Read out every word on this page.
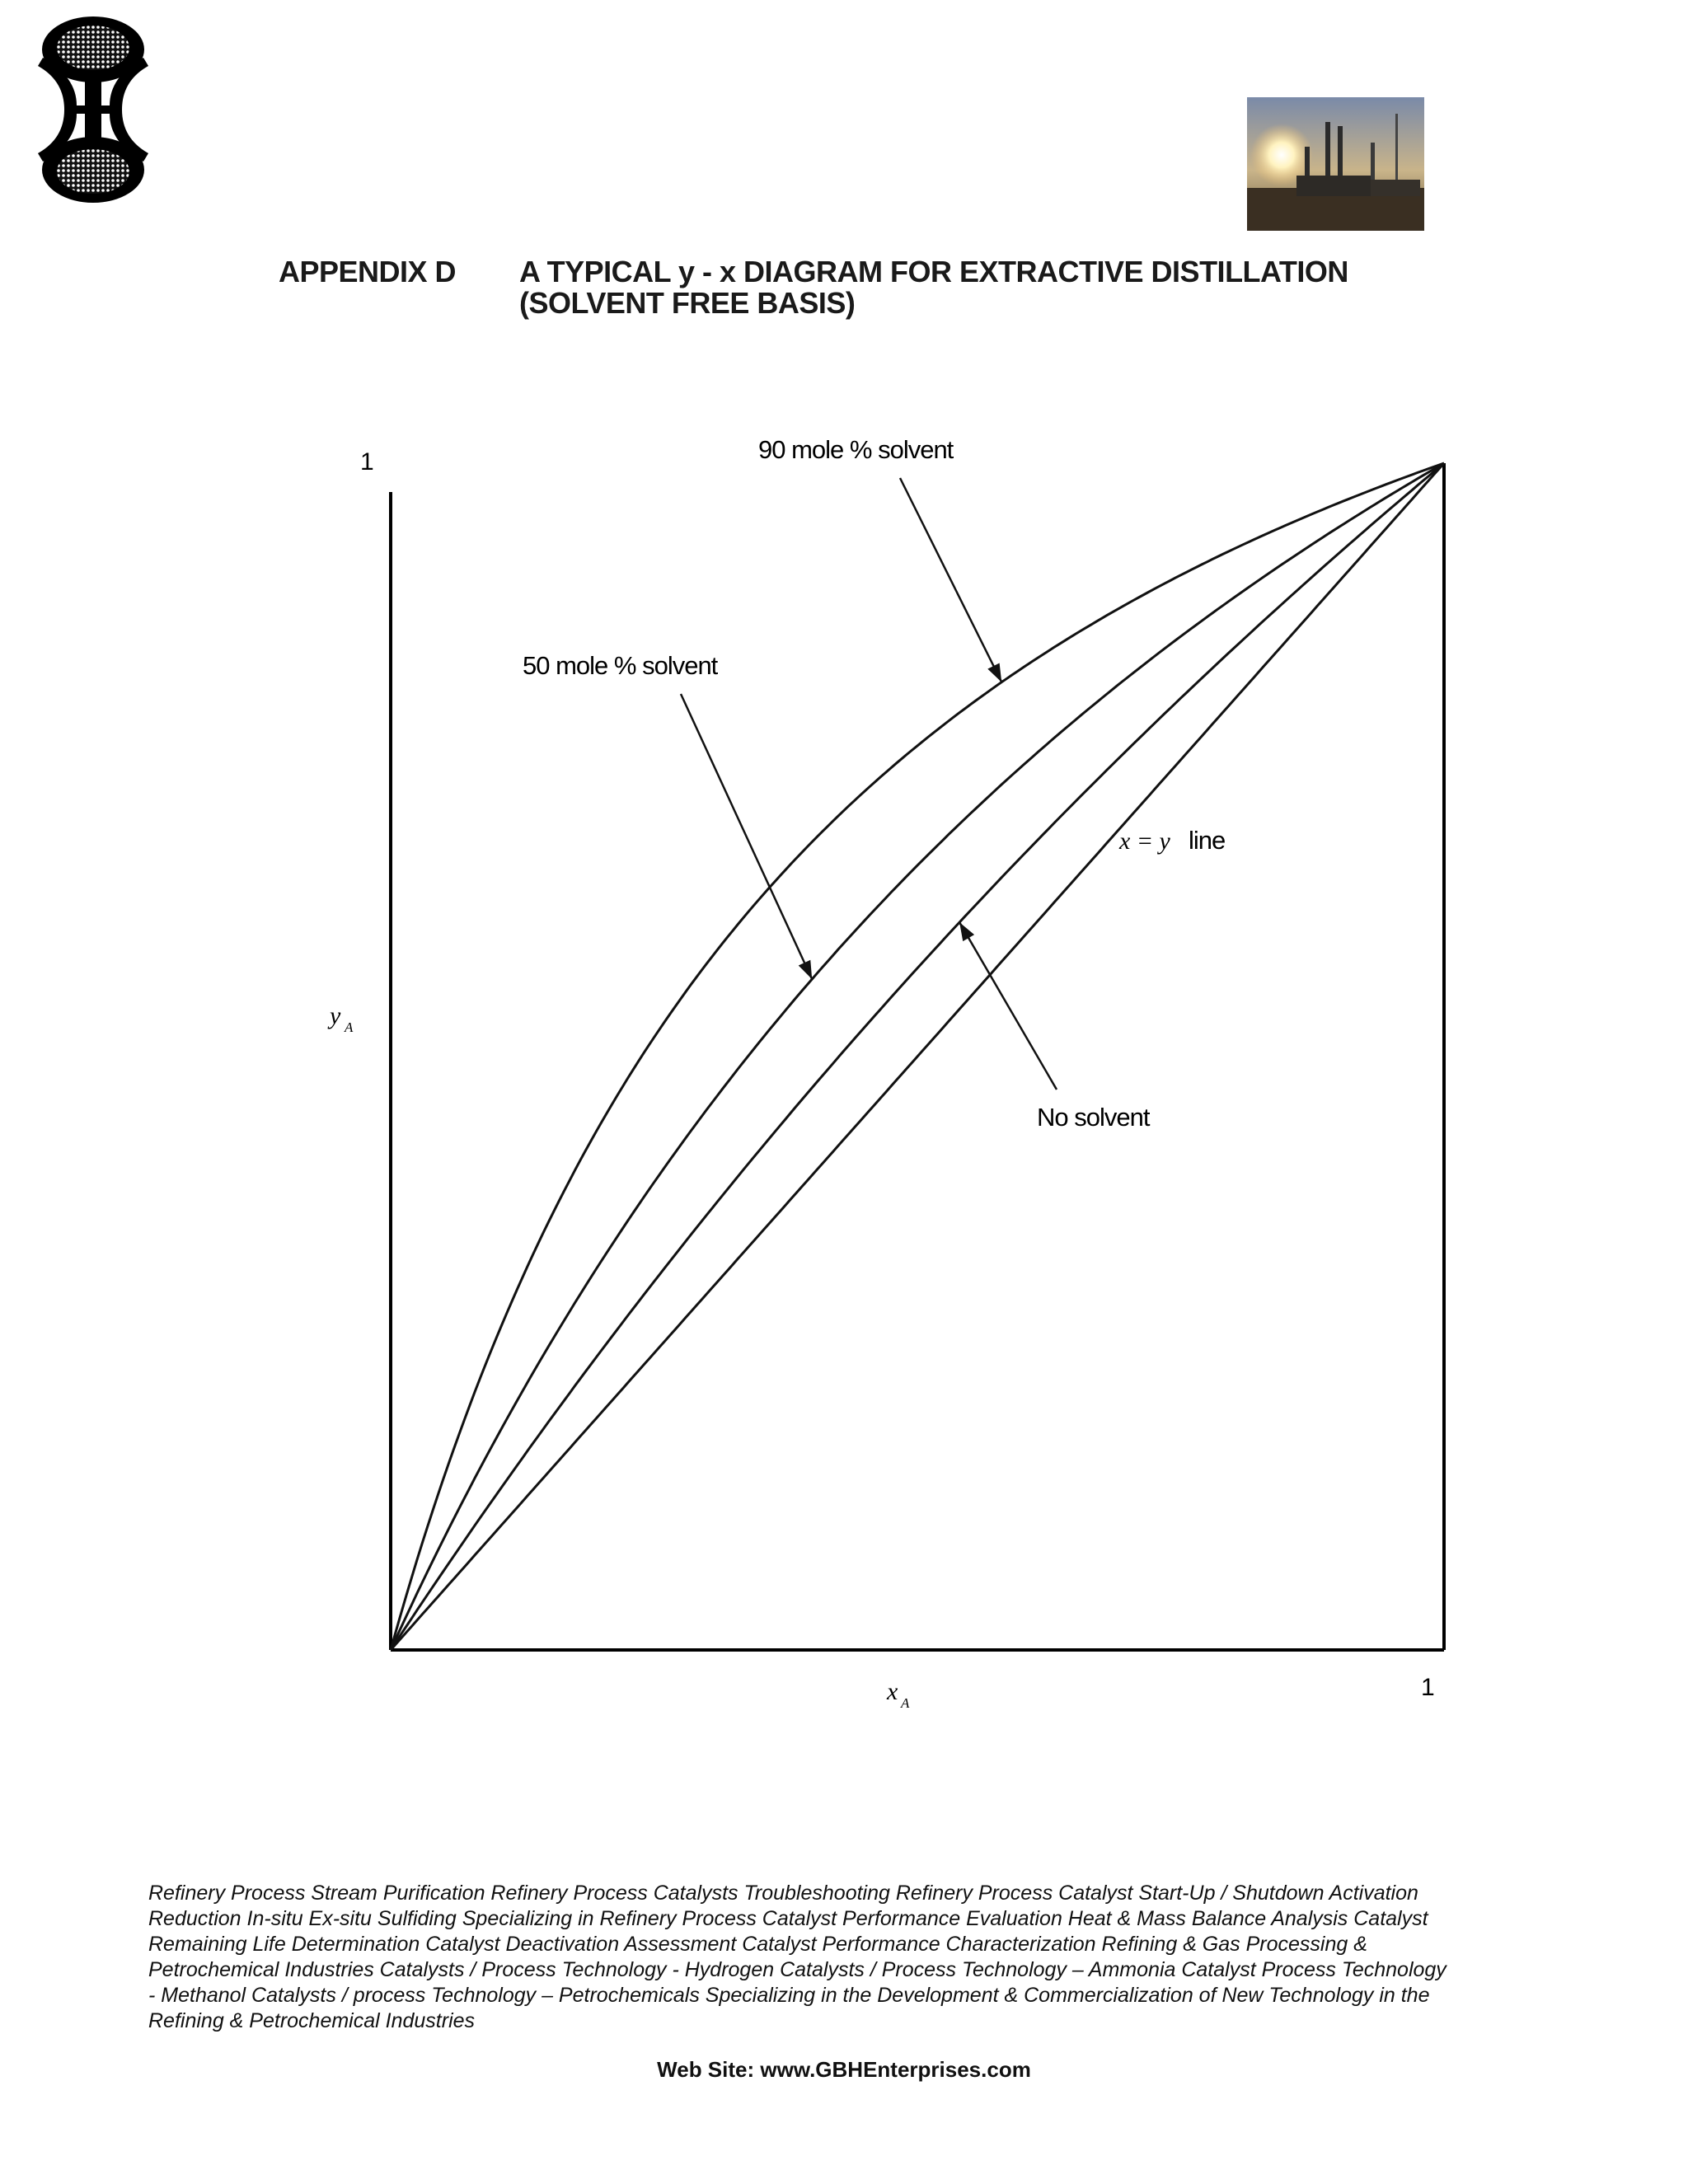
APPENDIX D A TYPICAL y - x DIAGRAM FOR EXTRACTIVE DISTILLATION
(SOLVENT FREE BASIS)
1
1
y A
x A
90 mole % solvent
50 mole % solvent
No solvent
x = y line
Refinery Process Stream Purification Refinery Process Catalysts Troubleshooting Refinery Process Catalyst Start-Up / Shutdown Activation Reduction In-situ Ex-situ Sulfiding Specializing in Refinery Process Catalyst Performance Evaluation Heat & Mass Balance Analysis Catalyst Remaining Life Determination Catalyst Deactivation Assessment Catalyst Performance Characterization Refining & Gas Processing & Petrochemical Industries Catalysts / Process Technology - Hydrogen Catalysts / Process Technology – Ammonia Catalyst Process Technology - Methanol Catalysts / process Technology – Petrochemicals Specializing in the Development & Commercialization of New Technology in the Refining & Petrochemical Industries
Web Site: www.GBHEnterprises.com
